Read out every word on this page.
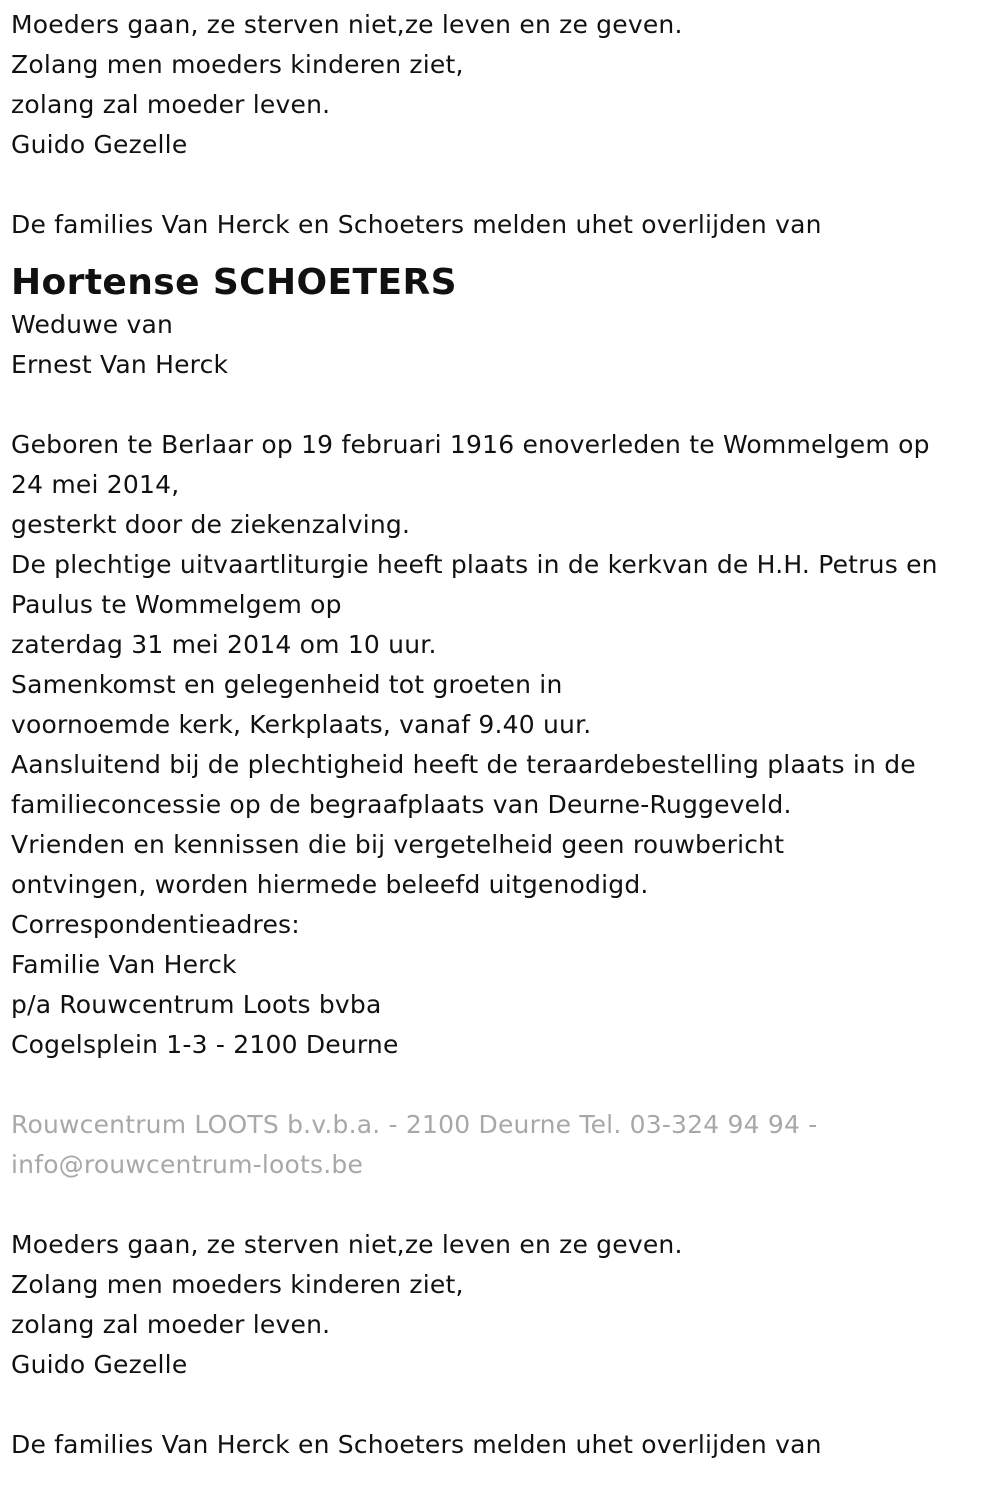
Moeders gaan, ze sterven niet,ze leven en ze geven.
Zolang men moeders kinderen ziet,
zolang zal moeder leven.
Guido Gezelle
De families Van Herck en Schoeters melden uhet overlijden van
Hortense SCHOETERS
Weduwe van
Ernest Van Herck
Geboren te Berlaar op 19 februari 1916 enoverleden te Wommelgem op
24 mei 2014,
gesterkt door de ziekenzalving.
De plechtige uitvaartliturgie heeft plaats in de kerkvan de H.H. Petrus en
Paulus te Wommelgem op
zaterdag 31 mei 2014 om 10 uur.
Samenkomst en gelegenheid tot groeten in
voornoemde kerk, Kerkplaats, vanaf 9.40 uur.
Aansluitend bij de plechtigheid heeft de teraardebestelling plaats in de
familieconcessie op de begraafplaats van Deurne-Ruggeveld.
Vrienden en kennissen die bij vergetelheid geen rouwbericht
ontvingen, worden hiermede beleefd uitgenodigd.
Correspondentieadres:
Familie Van Herck
p/a Rouwcentrum Loots bvba
Cogelsplein 1-3 - 2100 Deurne
Rouwcentrum LOOTS b.v.b.a. - 2100 Deurne Tel. 03-324 94 94 -
info@rouwcentrum-loots.be
Moeders gaan, ze sterven niet,ze leven en ze geven.
Zolang men moeders kinderen ziet,
zolang zal moeder leven.
Guido Gezelle
De families Van Herck en Schoeters melden uhet overlijden van
